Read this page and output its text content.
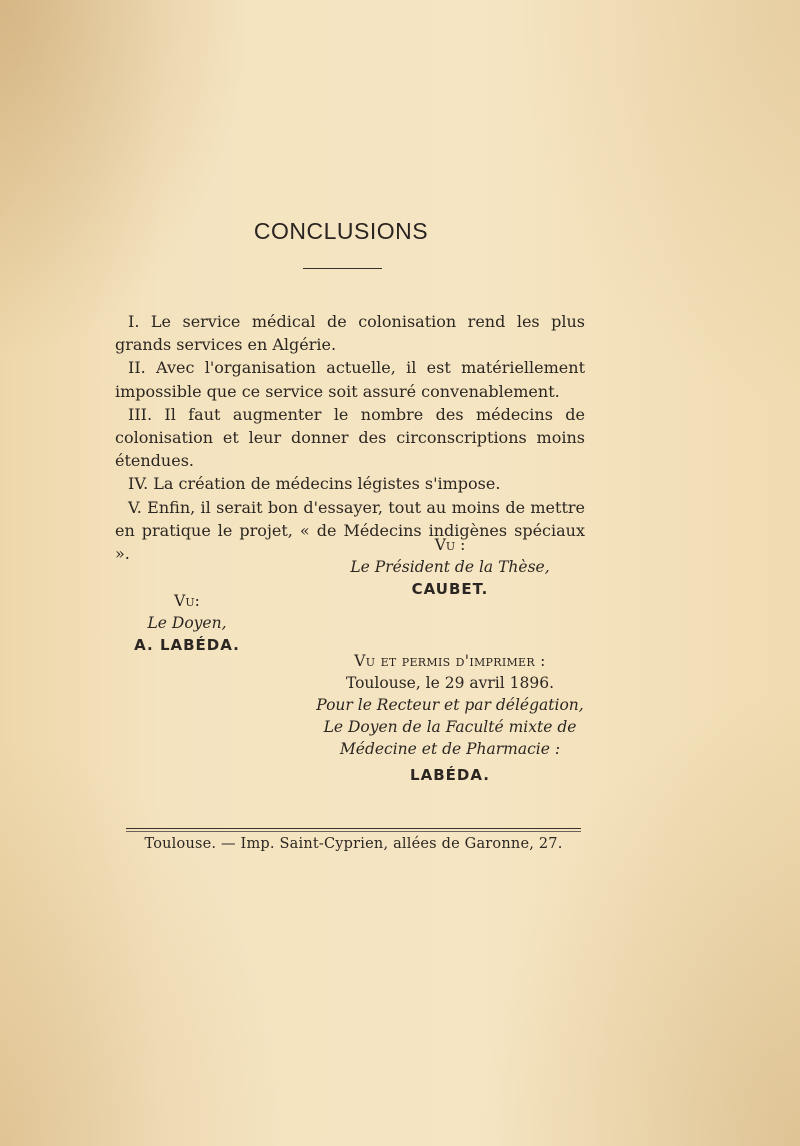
CONCLUSIONS

I. Le service médical de colonisation rend les plus grands services en Algérie.

II. Avec l'organisation actuelle, il est matériellement impossible que ce service soit assuré convenablement.

III. Il faut augmenter le nombre des médecins de colonisation et leur donner des circonscriptions moins étendues.

IV. La création de médecins légistes s'impose.

V. Enfin, il serait bon d'essayer, tout au moins de mettre en pratique le projet, « de Médecins indigènes spéciaux ».	Vu :
Le Président de la Thèse,
CAUBET.
Vu:
Le Doyen,
A. LABÉDA.
Vu et permis d'imprimer :
Toulouse, le 29 avril 1896.
Pour le Recteur et par délégation,
Le Doyen de la Faculté mixte de
Médecine et de Pharmacie :
LABÉDA.
Toulouse. — Imp. Saint-Cyprien, allées de Garonne, 27.
